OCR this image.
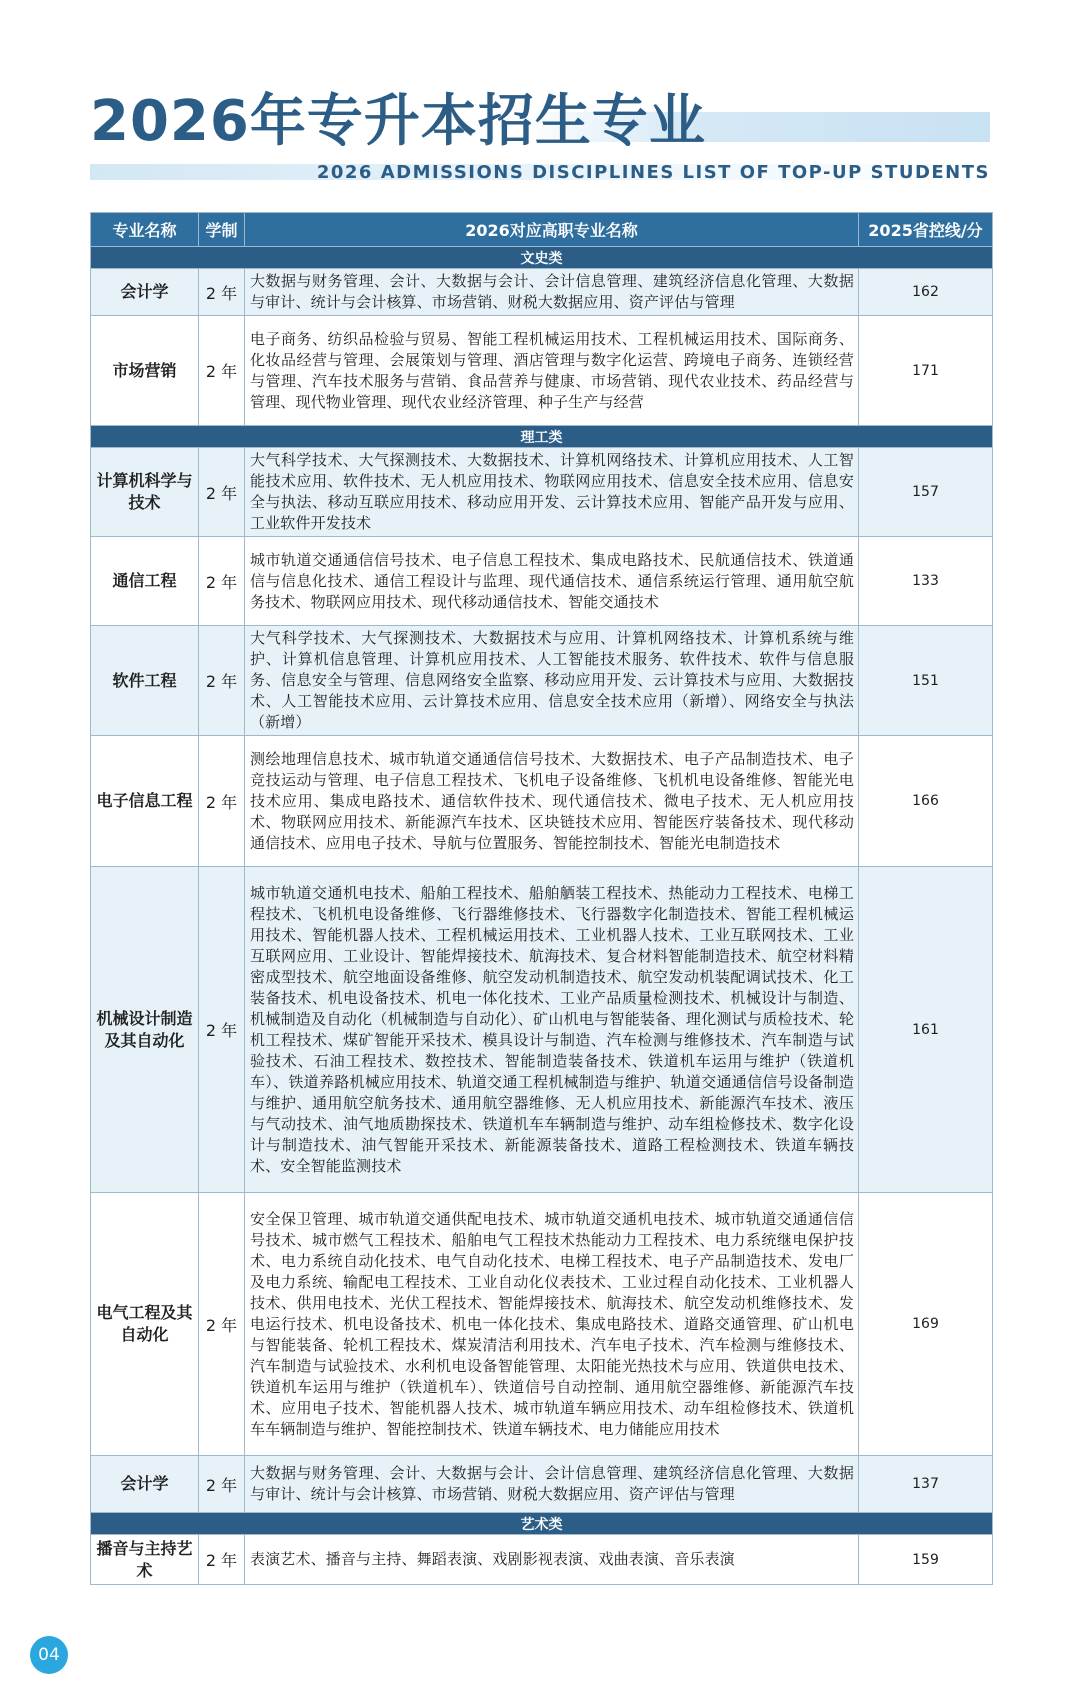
2026年专升本招生专业
2026 ADMISSIONS DISCIPLINES LIST OF TOP-UP STUDENTS
专业名称	学制	2026对应高职专业名称	2025省控线/分
文史类			
会计学	2 年	大数据与财务管理、会计、大数据与会计、会计信息管理、建筑经济信息化管理、大数据与审计、统计与会计核算、市场营销、财税大数据应用、资产评估与管理	162
市场营销	2 年	电子商务、纺织品检验与贸易、智能工程机械运用技术、工程机械运用技术、国际商务、化妆品经营与管理、会展策划与管理、酒店管理与数字化运营、跨境电子商务、连锁经营与管理、汽车技术服务与营销、食品营养与健康、市场营销、现代农业技术、药品经营与管理、现代物业管理、现代农业经济管理、种子生产与经营	171
理工类			
计算机科学与技术	2 年	大气科学技术、大气探测技术、大数据技术、计算机网络技术、计算机应用技术、人工智能技术应用、软件技术、无人机应用技术、物联网应用技术、信息安全技术应用、信息安全与执法、移动互联应用技术、移动应用开发、云计算技术应用、智能产品开发与应用、工业软件开发技术	157
通信工程	2 年	城市轨道交通通信信号技术、电子信息工程技术、集成电路技术、民航通信技术、铁道通信与信息化技术、通信工程设计与监理、现代通信技术、通信系统运行管理、通用航空航务技术、物联网应用技术、现代移动通信技术、智能交通技术	133
软件工程	2 年	大气科学技术、大气探测技术、大数据技术与应用、计算机网络技术、计算机系统与维护、计算机信息管理、计算机应用技术、人工智能技术服务、软件技术、软件与信息服务、信息安全与管理、信息网络安全监察、移动应用开发、云计算技术与应用、大数据技术、人工智能技术应用、云计算技术应用、信息安全技术应用（新增）、网络安全与执法（新增）	151
电子信息工程	2 年	测绘地理信息技术、城市轨道交通通信信号技术、大数据技术、电子产品制造技术、电子竞技运动与管理、电子信息工程技术、飞机电子设备维修、飞机机电设备维修、智能光电技术应用、集成电路技术、通信软件技术、现代通信技术、微电子技术、无人机应用技术、物联网应用技术、新能源汽车技术、区块链技术应用、智能医疗装备技术、现代移动通信技术、应用电子技术、导航与位置服务、智能控制技术、智能光电制造技术	166
机械设计制造及其自动化	2 年	城市轨道交通机电技术、船舶工程技术、船舶舾装工程技术、热能动力工程技术、电梯工程技术、飞机机电设备维修、飞行器维修技术、飞行器数字化制造技术、智能工程机械运用技术、智能机器人技术、工程机械运用技术、工业机器人技术、工业互联网技术、工业互联网应用、工业设计、智能焊接技术、航海技术、复合材料智能制造技术、航空材料精密成型技术、航空地面设备维修、航空发动机制造技术、航空发动机装配调试技术、化工装备技术、机电设备技术、机电一体化技术、工业产品质量检测技术、机械设计与制造、机械制造及自动化（机械制造与自动化）、矿山机电与智能装备、理化测试与质检技术、轮机工程技术、煤矿智能开采技术、模具设计与制造、汽车检测与维修技术、汽车制造与试验技术、石油工程技术、数控技术、智能制造装备技术、铁道机车运用与维护（铁道机车）、铁道养路机械应用技术、轨道交通工程机械制造与维护、轨道交通通信信号设备制造与维护、通用航空航务技术、通用航空器维修、无人机应用技术、新能源汽车技术、液压与气动技术、油气地质勘探技术、铁道机车车辆制造与维护、动车组检修技术、数字化设计与制造技术、油气智能开采技术、新能源装备技术、道路工程检测技术、铁道车辆技术、安全智能监测技术	161
电气工程及其自动化	2 年	安全保卫管理、城市轨道交通供配电技术、城市轨道交通机电技术、城市轨道交通通信信号技术、城市燃气工程技术、船舶电气工程技术热能动力工程技术、电力系统继电保护技术、电力系统自动化技术、电气自动化技术、电梯工程技术、电子产品制造技术、发电厂及电力系统、输配电工程技术、工业自动化仪表技术、工业过程自动化技术、工业机器人技术、供用电技术、光伏工程技术、智能焊接技术、航海技术、航空发动机维修技术、发电运行技术、机电设备技术、机电一体化技术、集成电路技术、道路交通管理、矿山机电与智能装备、轮机工程技术、煤炭清洁利用技术、汽车电子技术、汽车检测与维修技术、汽车制造与试验技术、水利机电设备智能管理、太阳能光热技术与应用、铁道供电技术、铁道机车运用与维护（铁道机车）、铁道信号自动控制、通用航空器维修、新能源汽车技术、应用电子技术、智能机器人技术、城市轨道车辆应用技术、动车组检修技术、铁道机车车辆制造与维护、智能控制技术、铁道车辆技术、电力储能应用技术	169
会计学	2 年	大数据与财务管理、会计、大数据与会计、会计信息管理、建筑经济信息化管理、大数据与审计、统计与会计核算、市场营销、财税大数据应用、资产评估与管理	137
艺术类			
播音与主持艺术	2 年	表演艺术、播音与主持、舞蹈表演、戏剧影视表演、戏曲表演、音乐表演	159
04
